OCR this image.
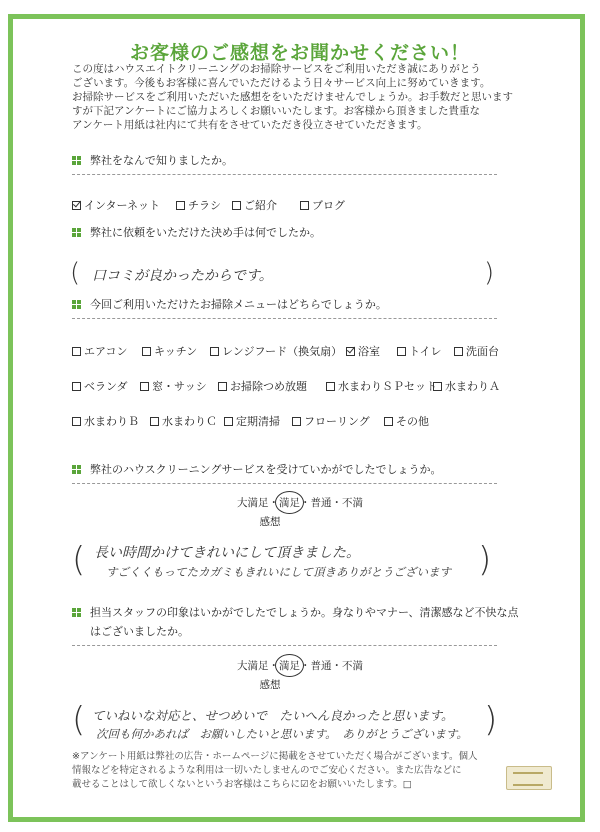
お客様のご感想をお聞かせください！
この度はハウスエイトクリーニングのお掃除サービスをご利用いただき誠にありがとう
ございます。今後もお客様に喜んでいただけるよう日々サービス向上に努めていきます。
お掃除サービスをご利用いただいた感想ををいただけませんでしょうか。お手数だと思います
すが下記アンケートにご協力よろしくお願いいたします。お客様から頂きました貴重な
アンケート用紙は社内にて共有をさせていただき役立させていただきます。
弊社をなんで知りましたか。
インターネット	チラシ	ご紹介	ブログ
弊社に依頼をいただけた決め手は何でしたか。
( 口コミが良かったからです。	)
今回ご利用いただけたお掃除メニューはどちらでしょうか。
エアコン	キッチン	レンジフード（換気扇）	浴室	トイレ	洗面台
ベランダ	窓・サッシ	お掃除つめ放題	水まわりＳＰセット 水まわりＡ
水まわりＢ	水まわりＣ	定期清掃	フローリング	その他
弊社のハウスクリーニングサービスを受けていかがでしたでしょうか。
大満足・満足・普通・不満
感想
( 長い時間かけてきれいにして頂きました。
すごくくもってたカガミもきれいにして頂きありがとうございます )
担当スタッフの印象はいかがでしたでしょうか。身なりやマナー、清潔感など不快な点
はございましたか。
大満足・満足・普通・不満
感想
( ていねいな対応と、せつめいで　たいへん良かったと思います。
次回も何かあれば　お願いしたいと思います。　ありがとうございます。 )
※アンケート用紙は弊社の広告・ホームページに掲載をさせていただく場合がございます。個人
情報などを特定されるような利用は一切いたしませんのでご安心ください。また広告などに
載せることはして欲しくないというお客様はこちらに☑をお願いいたします。□
